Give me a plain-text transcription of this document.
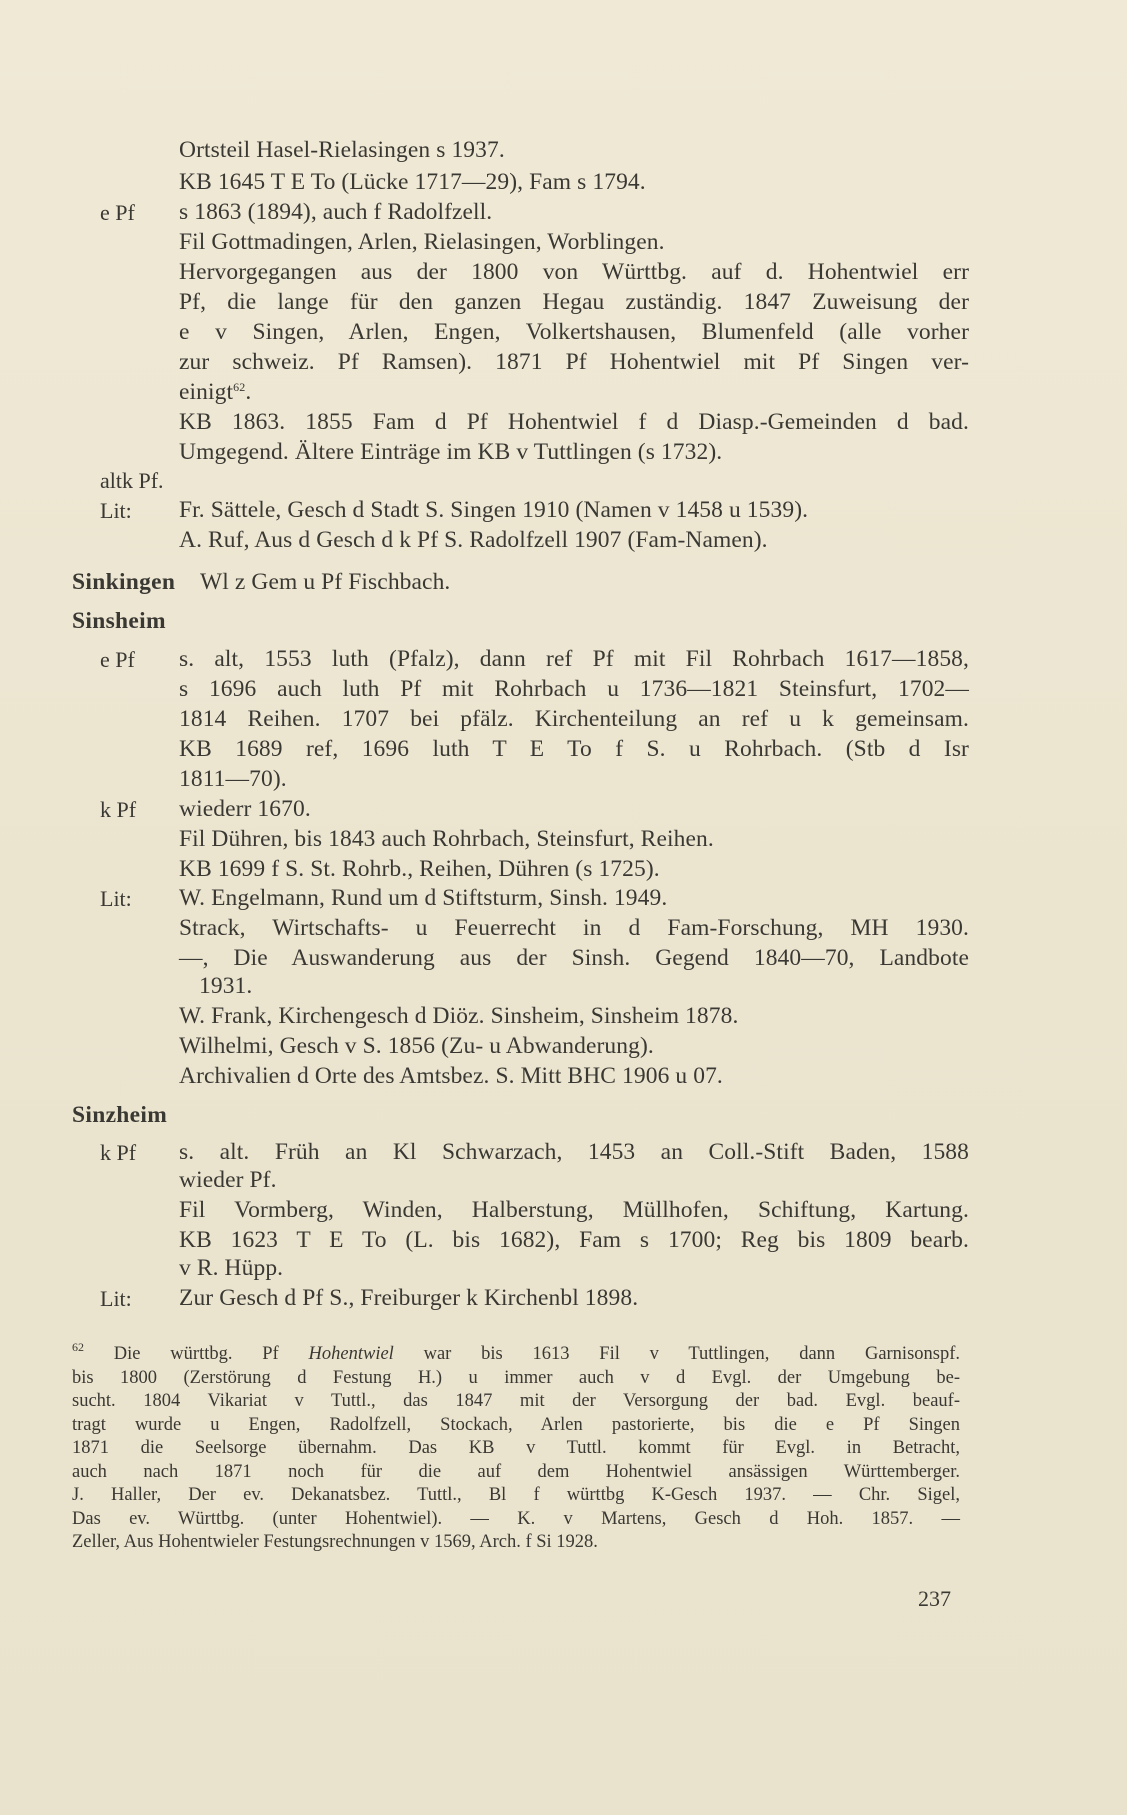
Ortsteil Hasel-Rielasingen s 1937.
KB 1645 T E To (Lücke 1717—29), Fam s 1794.
e Pf s 1863 (1894), auch f Radolfzell.
Fil Gottmadingen, Arlen, Rielasingen, Worblingen.
Hervorgegangen aus der 1800 von Württbg. auf d. Hohentwiel err
Pf, die lange für den ganzen Hegau zuständig. 1847 Zuweisung der
e v Singen, Arlen, Engen, Volkertshausen, Blumenfeld (alle vorher
zur schweiz. Pf Ramsen). 1871 Pf Hohentwiel mit Pf Singen ver-
einigt$^{62}$.
KB 1863. 1855 Fam d Pf Hohentwiel f d Diasp.-Gemeinden d bad.
Umgegend. Ältere Einträge im KB v Tuttlingen (s 1732).
altk Pf.
Lit: Fr. Sättele, Gesch d Stadt S. Singen 1910 (Namen v 1458 u 1539).
A. Ruf, Aus d Gesch d k Pf S. Radolfzell 1907 (Fam-Namen).
Sinkingen Wl z Gem u Pf Fischbach.
Sinsheim
e Pf s. alt, 1553 luth (Pfalz), dann ref Pf mit Fil Rohrbach 1617—1858,
s 1696 auch luth Pf mit Rohrbach u 1736—1821 Steinsfurt, 1702—
1814 Reihen. 1707 bei pfälz. Kirchenteilung an ref u k gemeinsam.
KB 1689 ref, 1696 luth T E To f S. u Rohrbach. (Stb d Isr
1811—70).
k Pf wiederr 1670.
Fil Dühren, bis 1843 auch Rohrbach, Steinsfurt, Reihen.
KB 1699 f S. St. Rohrb., Reihen, Dühren (s 1725).
Lit: W. Engelmann, Rund um d Stiftsturm, Sinsh. 1949.
Strack, Wirtschafts- u Feuerrecht in d Fam-Forschung, MH 1930.
—, Die Auswanderung aus der Sinsh. Gegend 1840—70, Landbote
1931.
W. Frank, Kirchengesch d Diöz. Sinsheim, Sinsheim 1878.
Wilhelmi, Gesch v S. 1856 (Zu- u Abwanderung).
Archivalien d Orte des Amtsbez. S. Mitt BHC 1906 u 07.
Sinzheim
k Pf s. alt. Früh an Kl Schwarzach, 1453 an Coll.-Stift Baden, 1588
wieder Pf.
Fil Vormberg, Winden, Halberstung, Müllhofen, Schiftung, Kartung.
KB 1623 T E To (L. bis 1682), Fam s 1700; Reg bis 1809 bearb.
v R. Hüpp.
Lit: Zur Gesch d Pf S., Freiburger k Kirchenbl 1898.
$^{62}$ Die württbg. Pf Hohentwiel war bis 1613 Fil v Tuttlingen, dann Garnisonspf.
bis 1800 (Zerstörung d Festung H.) u immer auch v d Evgl. der Umgebung be-
sucht. 1804 Vikariat v Tuttl., das 1847 mit der Versorgung der bad. Evgl. beauf-
tragt wurde u Engen, Radolfzell, Stockach, Arlen pastorierte, bis die e Pf Singen
1871 die Seelsorge übernahm. Das KB v Tuttl. kommt für Evgl. in Betracht,
auch nach 1871 noch für die auf dem Hohentwiel ansässigen Württemberger.
J. Haller, Der ev. Dekanatsbez. Tuttl., Bl f württbg K-Gesch 1937. — Chr. Sigel,
Das ev. Württbg. (unter Hohentwiel). — K. v Martens, Gesch d Hoh. 1857. —
Zeller, Aus Hohentwieler Festungsrechnungen v 1569, Arch. f Si 1928.
237
